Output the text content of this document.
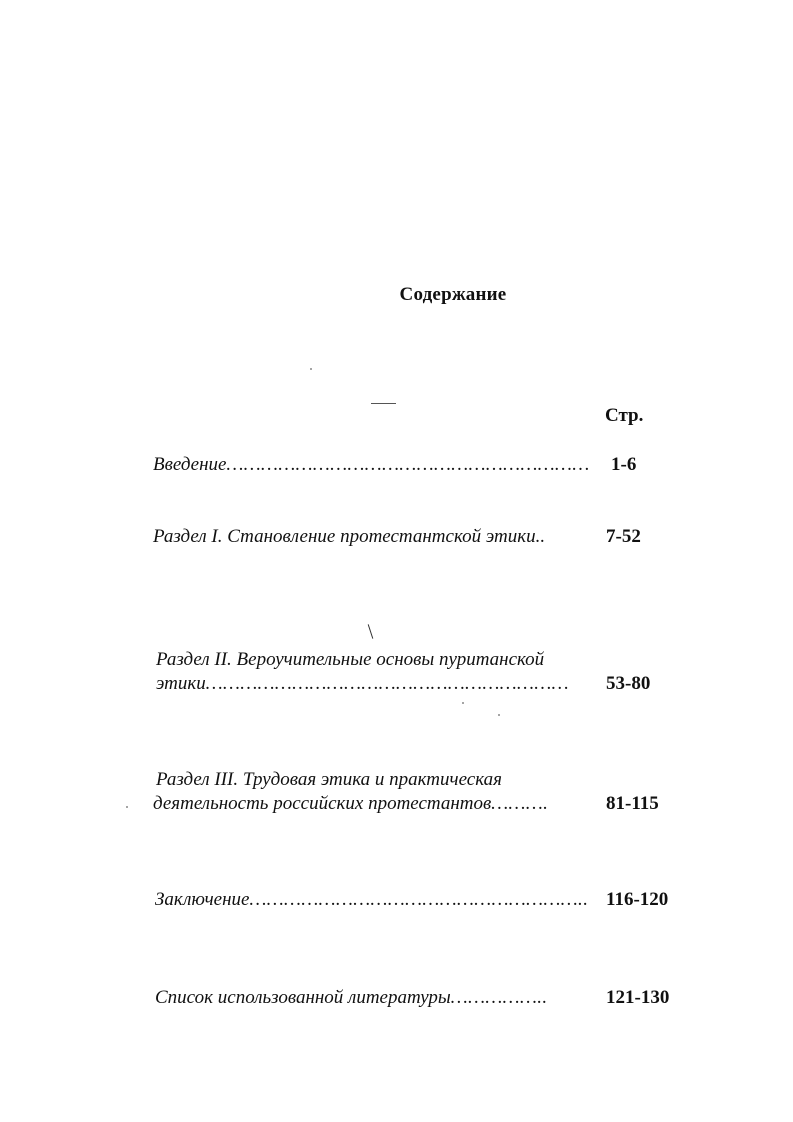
Содержание
Стр.
Введение……………………………………………………… 1-6
Раздел I. Становление протестантской этики..	7-52
Раздел II. Вероучительные основы пуританской
этики……………………………………………………… 53-80
Раздел III. Трудовая этика и практическая
деятельность российских протестантов……….	81-115
Заключение………………………………………………….. 116-120
Список использованной литературы……………..	121-130
